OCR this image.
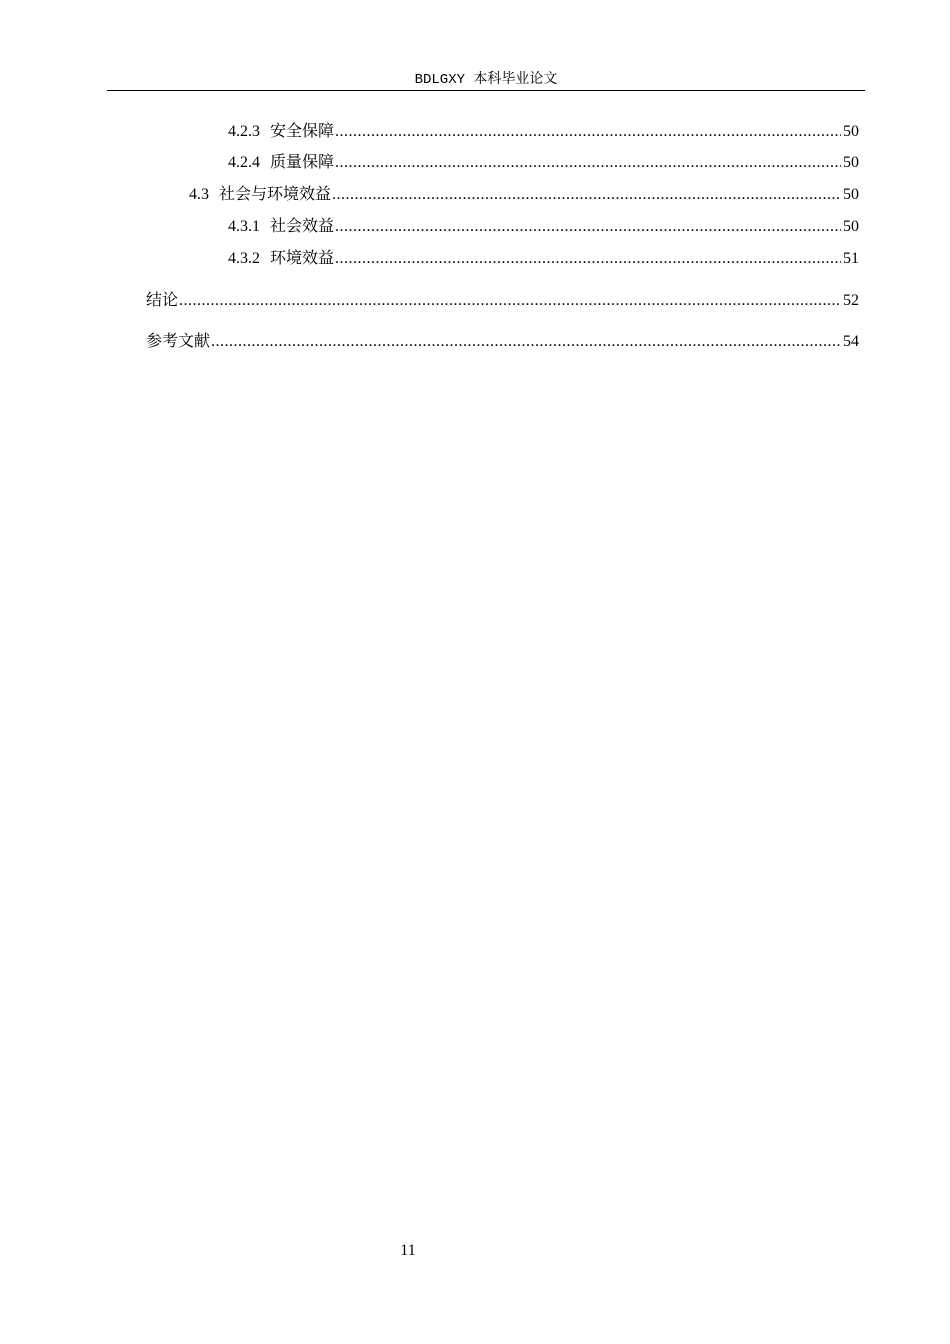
BDLGXY 本科毕业论文
4.2.3 安全保障 .....	50
4.2.4 质量保障 .....	50
4.3 社会与环境效益 .....	50
4.3.1 社会效益 .....	50
4.3.2 环境效益 .....	51
结论 .....	52
参考文献 .....	54
11
